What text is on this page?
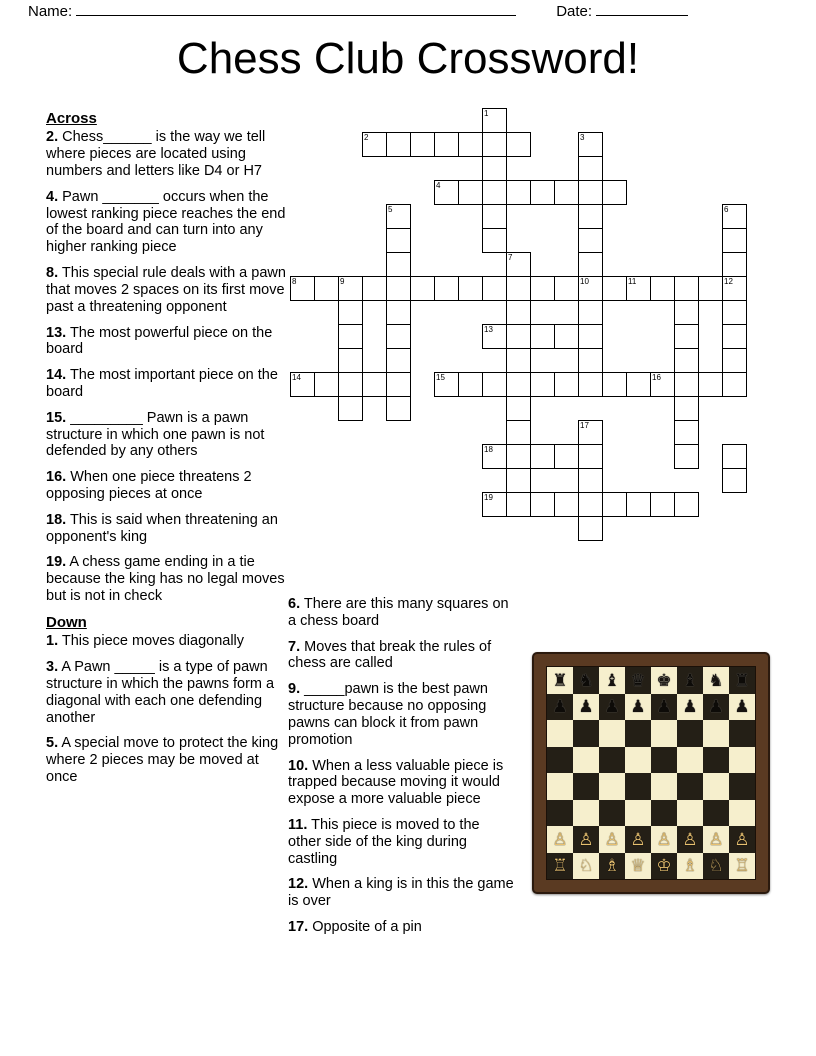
Name:	Date:
Chess Club Crossword!
Across

2. Chess______ is the way we tell where pieces are located using numbers and letters like D4 or H7

4. Pawn _______ occurs when the lowest ranking piece reaches the end of the board and can turn into any higher ranking piece

8. This special rule deals with a pawn that moves 2 spaces on its first move past a threatening opponent

13. The most powerful piece on the board

14. The most important piece on the board

15. _________ Pawn is a pawn structure in which one pawn is not defended by any others

16. When one piece threatens 2 opposing pieces at once

18. This is said when threatening an opponent's king

19. A chess game ending in a tie because the king has no legal moves but is not in check

Down

1. This piece moves diagonally

3. A Pawn _____ is a type of pawn structure in which the pawns form a diagonal with each one defending another

5. A special move to protect the king where 2 pieces may be moved at once

6. There are this many squares on a chess board

7. Moves that break the rules of chess are called

9. _____pawn is the best pawn structure because no opposing pawns can block it from pawn promotion

10. When a less valuable piece is trapped because moving it would expose a more valuable piece

11. This piece is moved to the other side of the king during castling

12. When a king is in this the game is over

17. Opposite of a pin

1
2	3
4
5	6
7
8	9	10	11	12
13
14	15	16
17
18
19
♜ ♞ ♝ ♛ ♚ ♝ ♞ ♜
♟ ♟ ♟ ♟ ♟ ♟ ♟ ♟
♙ ♙ ♙ ♙ ♙ ♙ ♙ ♙
♖ ♘ ♗ ♕ ♔ ♗ ♘ ♖
